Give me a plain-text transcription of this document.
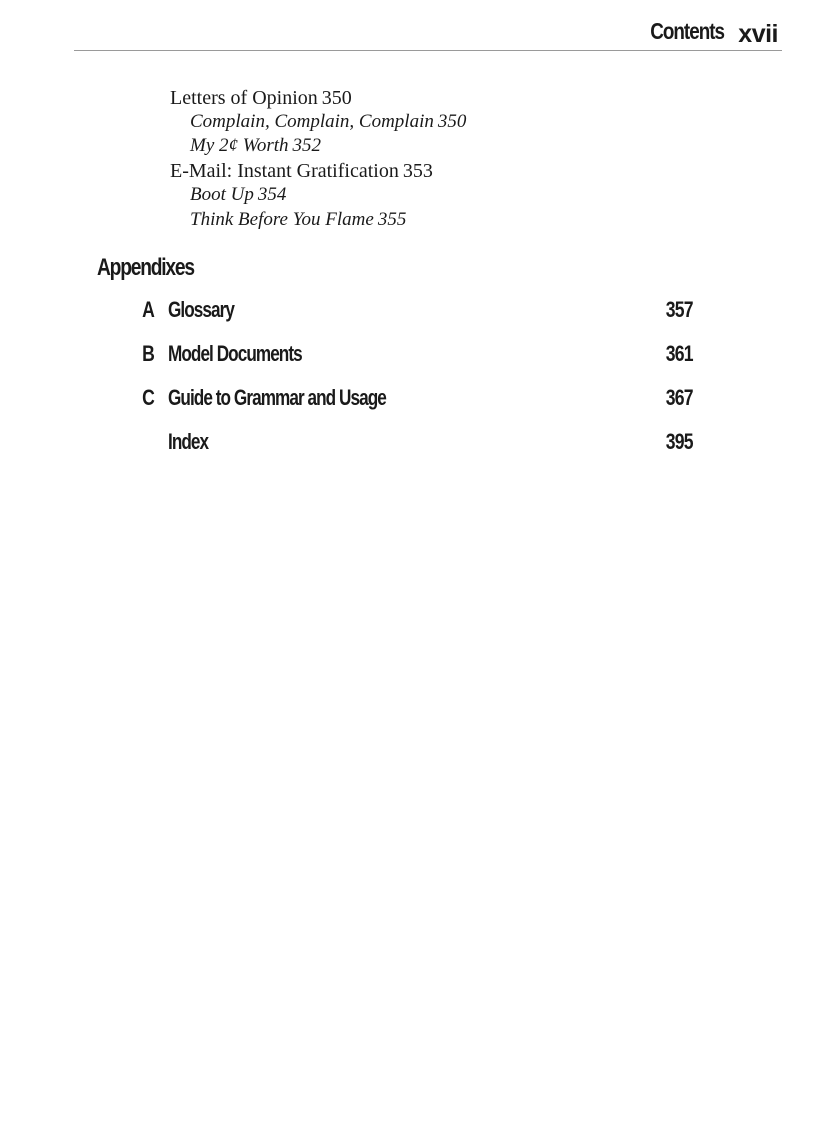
Contents xvii
Letters of Opinion 350
Complain, Complain, Complain 350
My 2¢ Worth 352
E-Mail: Instant Gratification 353
Boot Up 354
Think Before You Flame 355
Appendixes
A Glossary	357
B Model Documents	361
C Guide to Grammar and Usage	367
Index	395
